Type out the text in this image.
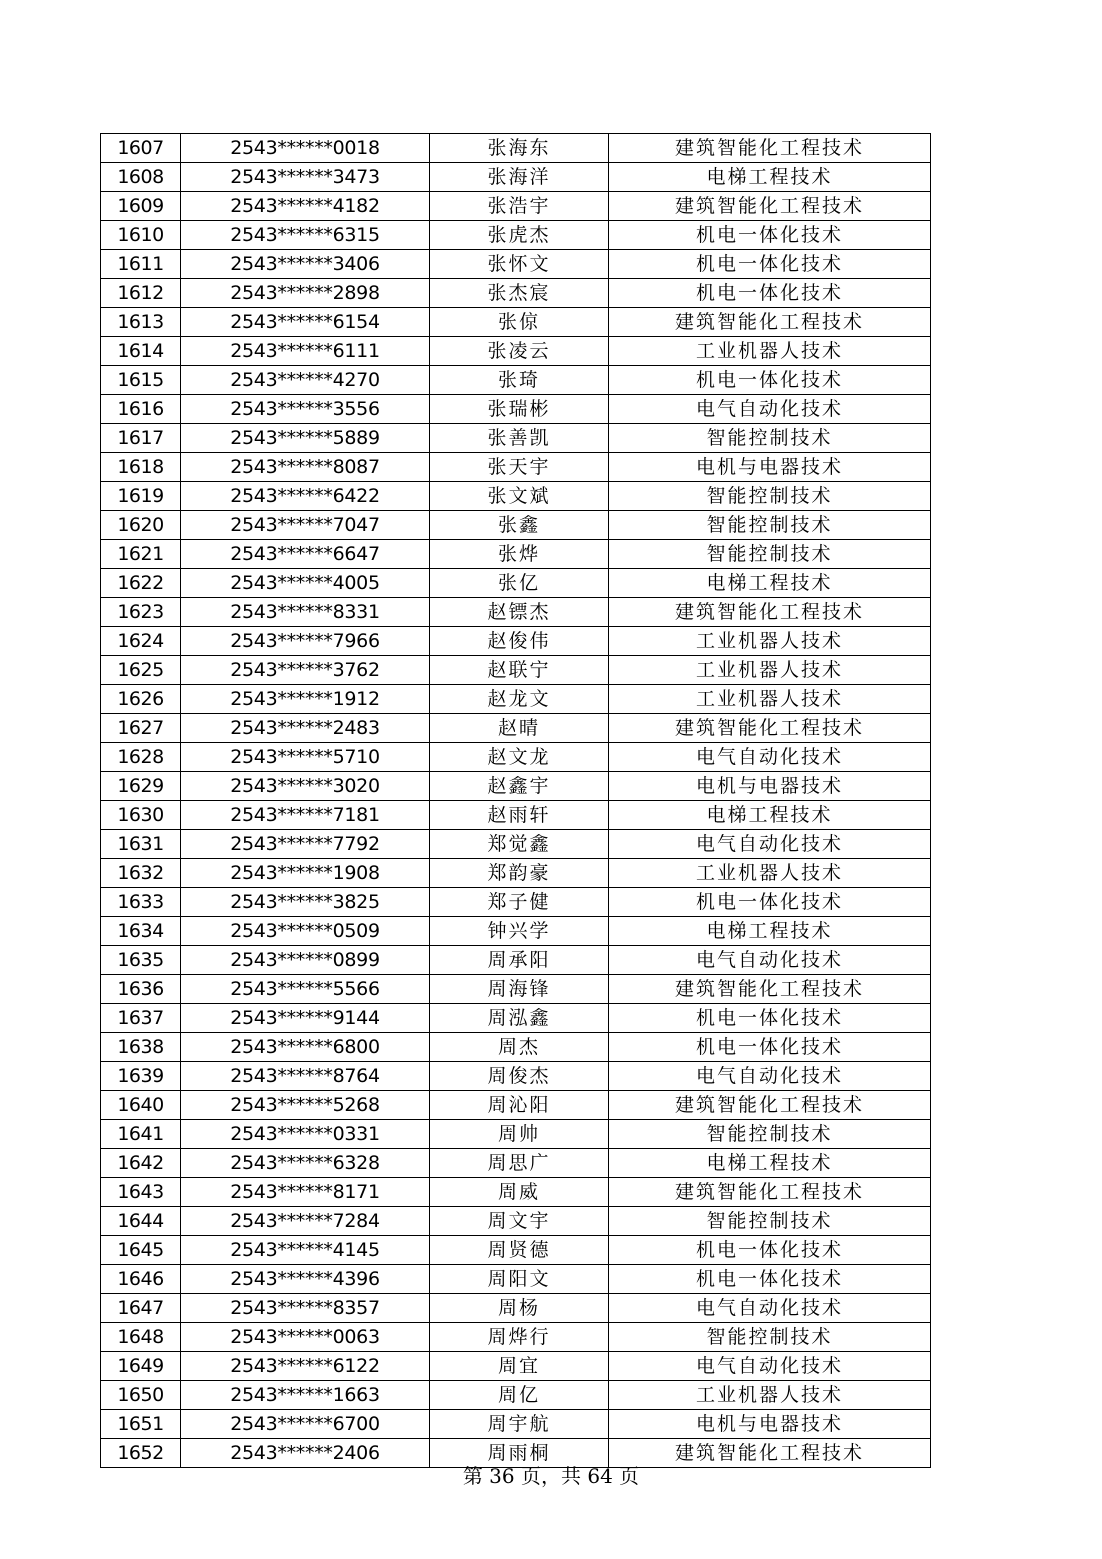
1607	2543******0018	张海东	建筑智能化工程技术
1608	2543******3473	张海洋	电梯工程技术
1609	2543******4182	张浩宇	建筑智能化工程技术
1610	2543******6315	张虎杰	机电一体化技术
1611	2543******3406	张怀文	机电一体化技术
1612	2543******2898	张杰宸	机电一体化技术
1613	2543******6154	张倞	建筑智能化工程技术
1614	2543******6111	张凌云	工业机器人技术
1615	2543******4270	张琦	机电一体化技术
1616	2543******3556	张瑞彬	电气自动化技术
1617	2543******5889	张善凯	智能控制技术
1618	2543******8087	张天宇	电机与电器技术
1619	2543******6422	张文斌	智能控制技术
1620	2543******7047	张鑫	智能控制技术
1621	2543******6647	张烨	智能控制技术
1622	2543******4005	张亿	电梯工程技术
1623	2543******8331	赵镖杰	建筑智能化工程技术
1624	2543******7966	赵俊伟	工业机器人技术
1625	2543******3762	赵联宁	工业机器人技术
1626	2543******1912	赵龙文	工业机器人技术
1627	2543******2483	赵晴	建筑智能化工程技术
1628	2543******5710	赵文龙	电气自动化技术
1629	2543******3020	赵鑫宇	电机与电器技术
1630	2543******7181	赵雨轩	电梯工程技术
1631	2543******7792	郑觉鑫	电气自动化技术
1632	2543******1908	郑韵豪	工业机器人技术
1633	2543******3825	郑子健	机电一体化技术
1634	2543******0509	钟兴学	电梯工程技术
1635	2543******0899	周承阳	电气自动化技术
1636	2543******5566	周海锋	建筑智能化工程技术
1637	2543******9144	周泓鑫	机电一体化技术
1638	2543******6800	周杰	机电一体化技术
1639	2543******8764	周俊杰	电气自动化技术
1640	2543******5268	周沁阳	建筑智能化工程技术
1641	2543******0331	周帅	智能控制技术
1642	2543******6328	周思广	电梯工程技术
1643	2543******8171	周威	建筑智能化工程技术
1644	2543******7284	周文宇	智能控制技术
1645	2543******4145	周贤德	机电一体化技术
1646	2543******4396	周阳文	机电一体化技术
1647	2543******8357	周杨	电气自动化技术
1648	2543******0063	周烨行	智能控制技术
1649	2543******6122	周宜	电气自动化技术
1650	2543******1663	周亿	工业机器人技术
1651	2543******6700	周宇航	电机与电器技术
1652	2543******2406	周雨桐	建筑智能化工程技术
第 36 页，共 64 页
